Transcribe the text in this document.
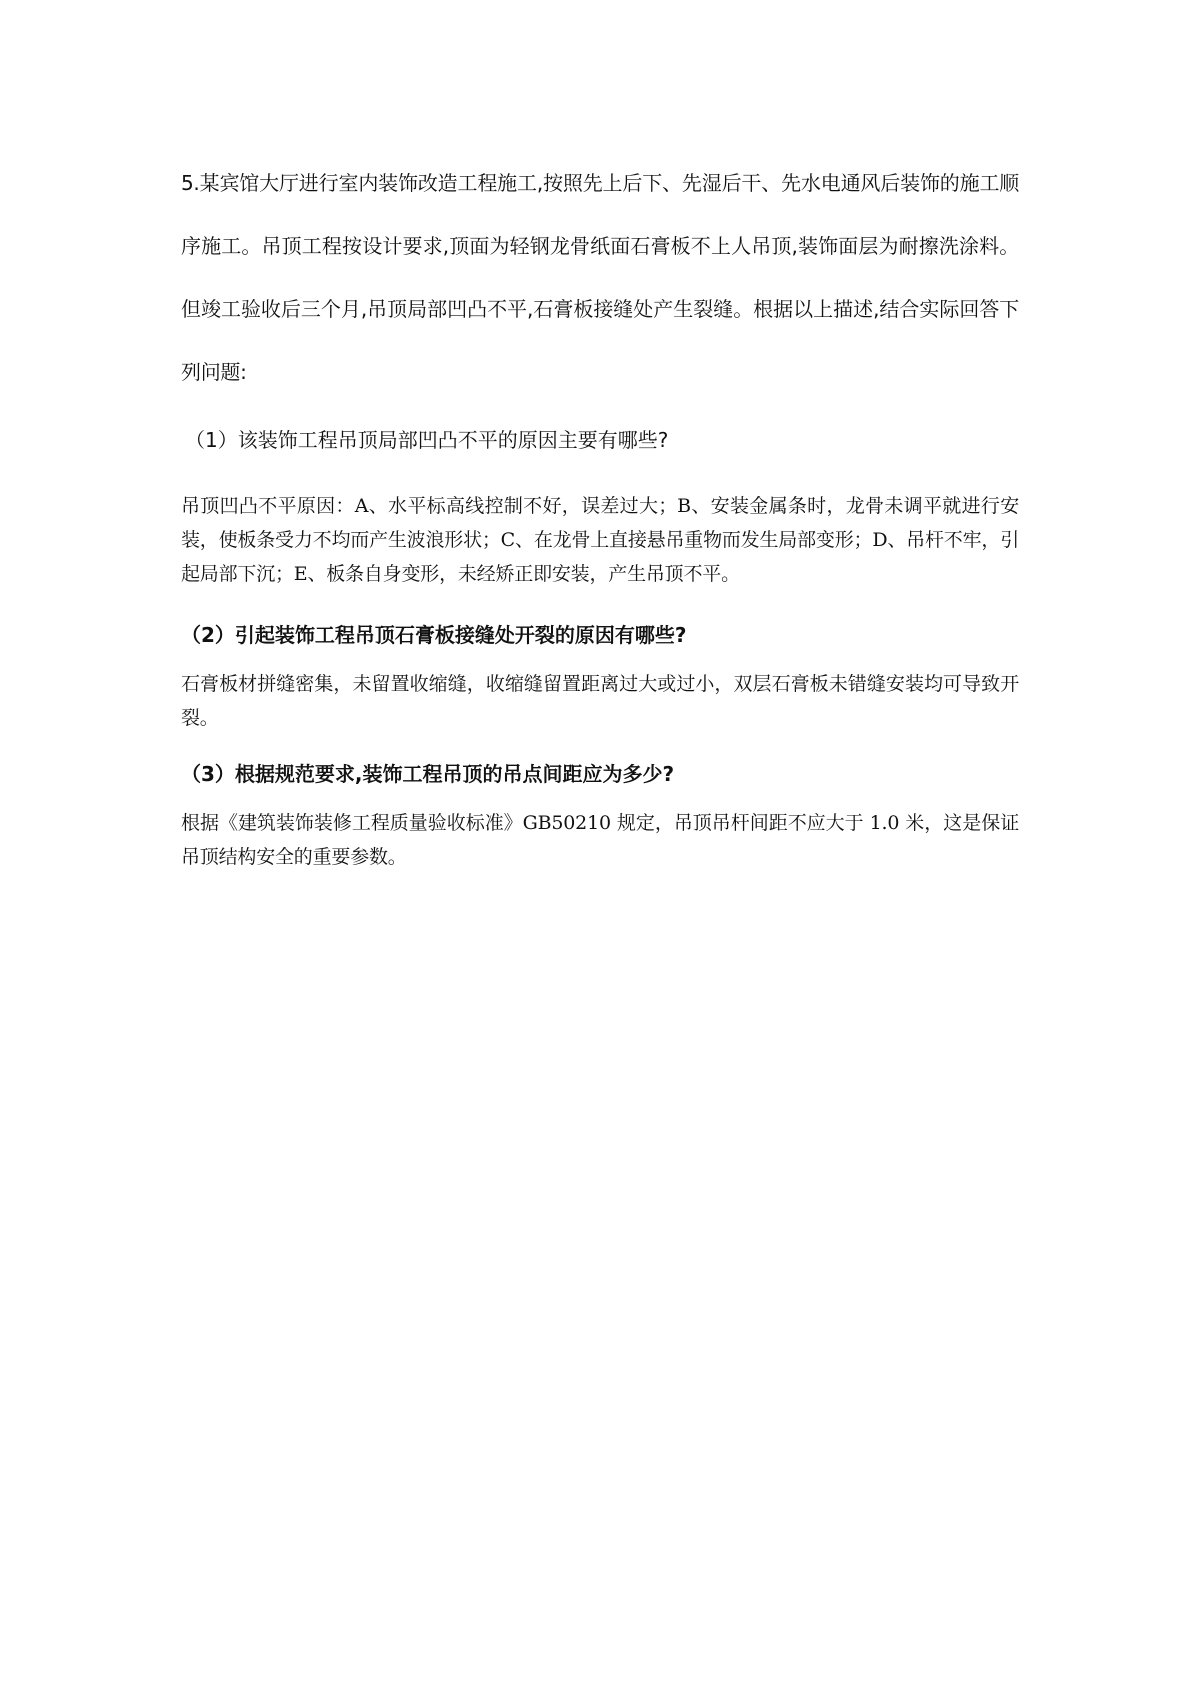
5.某宾馆大厅进行室内装饰改造工程施工,按照先上后下、先湿后干、先水电通风后装饰的施工顺序施工。吊顶工程按设计要求,顶面为轻钢龙骨纸面石膏板不上人吊顶,装饰面层为耐擦洗涂料。但竣工验收后三个月,吊顶局部凹凸不平,石膏板接缝处产生裂缝。根据以上描述,结合实际回答下列问题:

（1）该装饰工程吊顶局部凹凸不平的原因主要有哪些?

吊顶凹凸不平原因：A、水平标高线控制不好，误差过大；B、安装金属条时，龙骨未调平就进行安装，使板条受力不均而产生波浪形状；C、在龙骨上直接悬吊重物而发生局部变形；D、吊杆不牢，引起局部下沉；E、板条自身变形，未经矫正即安装，产生吊顶不平。

（2）引起装饰工程吊顶石膏板接缝处开裂的原因有哪些?

石膏板材拼缝密集，未留置收缩缝，收缩缝留置距离过大或过小，双层石膏板未错缝安装均可导致开裂。

（3）根据规范要求,装饰工程吊顶的吊点间距应为多少?

根据《建筑装饰装修工程质量验收标准》GB50210 规定，吊顶吊杆间距不应大于 1.0 米，这是保证吊顶结构安全的重要参数。
